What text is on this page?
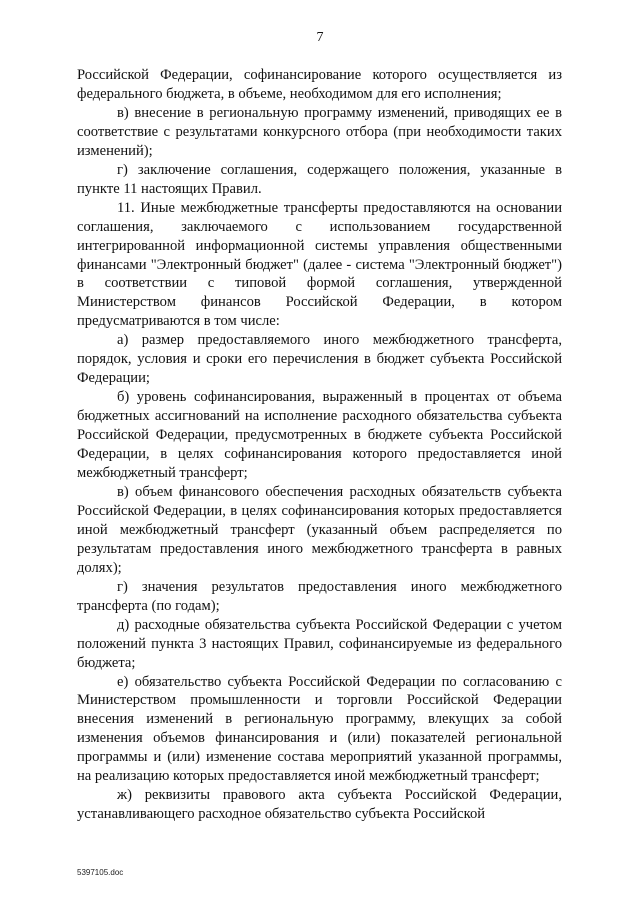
7

Российской Федерации, софинансирование которого осуществляется из федерального бюджета, в объеме, необходимом для его исполнения;

в) внесение в региональную программу изменений, приводящих ее в соответствие с результатами конкурсного отбора (при необходимости таких изменений);

г) заключение соглашения, содержащего положения, указанные в пункте 11 настоящих Правил.

11. Иные межбюджетные трансферты предоставляются на основании соглашения, заключаемого с использованием государственной интегрированной информационной системы управления общественными финансами "Электронный бюджет" (далее - система "Электронный бюджет") в соответствии с типовой формой соглашения, утвержденной Министерством финансов Российской Федерации, в котором предусматриваются в том числе:

а) размер предоставляемого иного межбюджетного трансферта, порядок, условия и сроки его перечисления в бюджет субъекта Российской Федерации;

б) уровень софинансирования, выраженный в процентах от объема бюджетных ассигнований на исполнение расходного обязательства субъекта Российской Федерации, предусмотренных в бюджете субъекта Российской Федерации, в целях софинансирования которого предоставляется иной межбюджетный трансферт;

в) объем финансового обеспечения расходных обязательств субъекта Российской Федерации, в целях софинансирования которых предоставляется иной межбюджетный трансферт (указанный объем распределяется по результатам предоставления иного межбюджетного трансферта в равных долях);

г) значения результатов предоставления иного межбюджетного трансферта (по годам);

д) расходные обязательства субъекта Российской Федерации с учетом положений пункта 3 настоящих Правил, софинансируемые из федерального бюджета;

е) обязательство субъекта Российской Федерации по согласованию с Министерством промышленности и торговли Российской Федерации внесения изменений в региональную программу, влекущих за собой изменения объемов финансирования и (или) показателей региональной программы и (или) изменение состава мероприятий указанной программы, на реализацию которых предоставляется иной межбюджетный трансферт;

ж) реквизиты правового акта субъекта Российской Федерации, устанавливающего расходное обязательство субъекта Российской

5397105.doc
